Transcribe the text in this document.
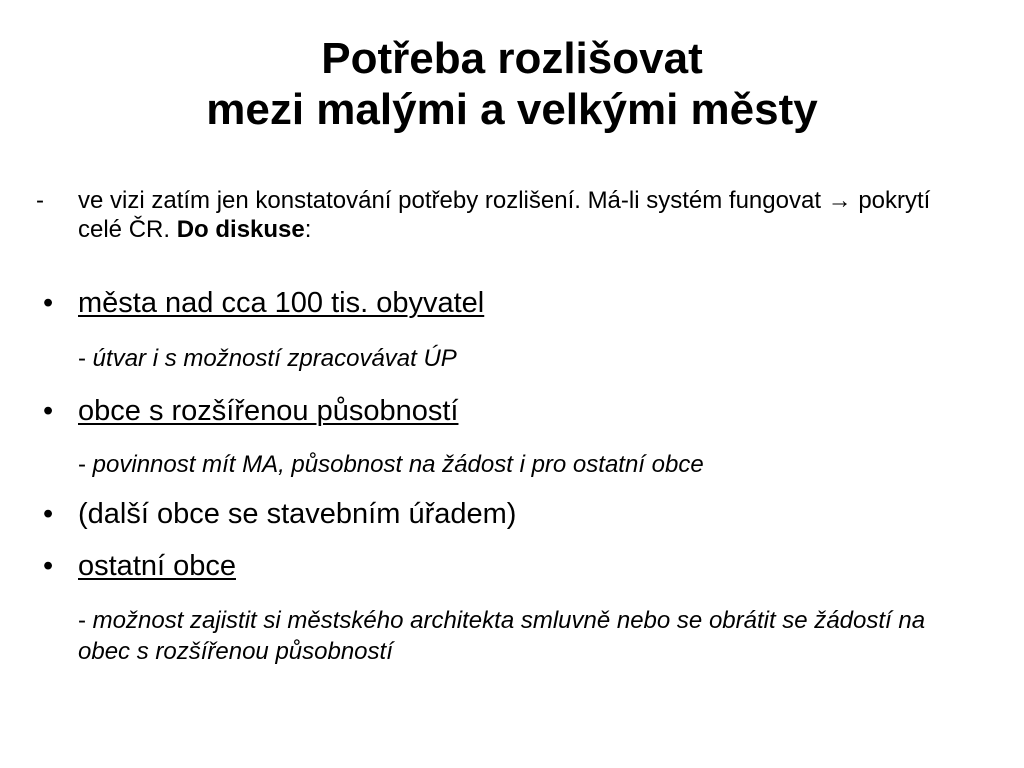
Potřeba rozlišovat
mezi malými a velkými městy
- ve vizi zatím jen konstatování potřeby rozlišení. Má-li systém fungovat → pokrytí celé ČR. Do diskuse:
• města nad cca 100 tis. obyvatel
- útvar i s možností zpracovávat ÚP
• obce s rozšířenou působností
- povinnost mít MA, působnost na žádost i pro ostatní obce
• (další obce se stavebním úřadem)
• ostatní obce
- možnost zajistit si městského architekta smluvně nebo se obrátit se žádostí na obec s rozšířenou působností
